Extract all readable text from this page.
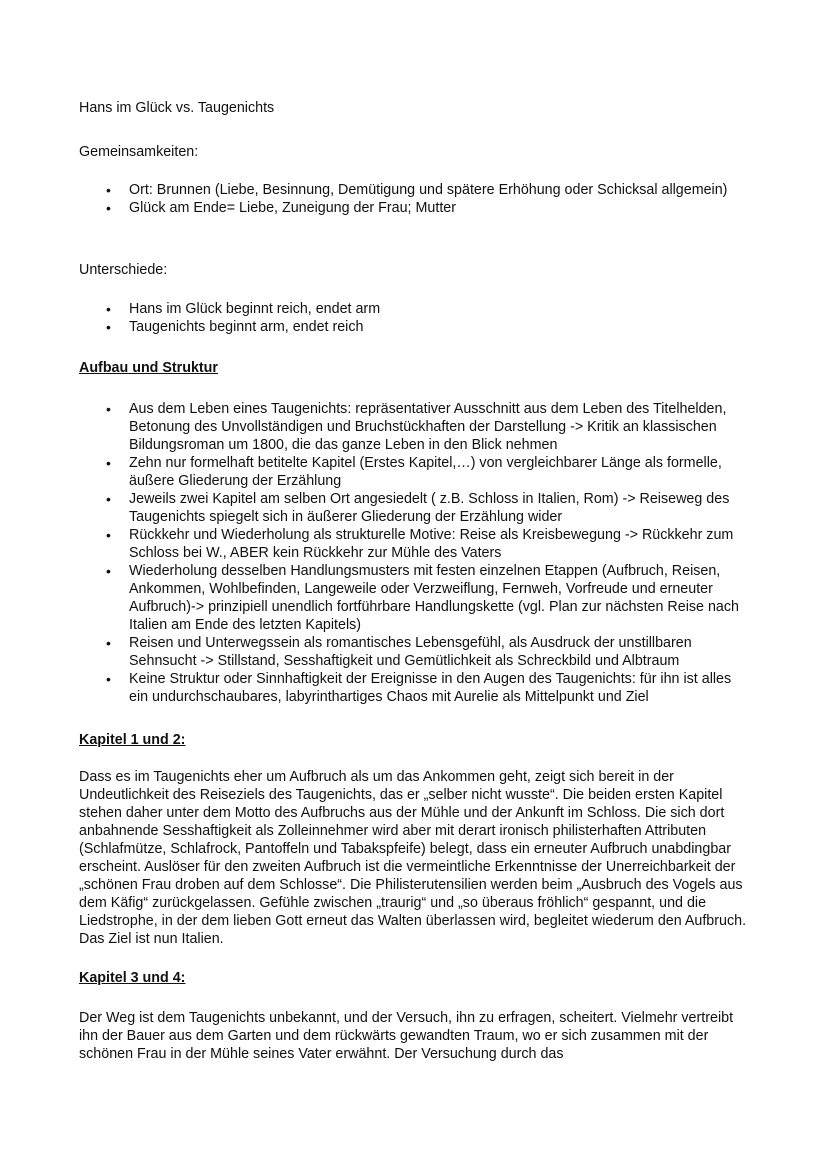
Hans im Glück vs. Taugenichts

Gemeinsamkeiten:

• Ort: Brunnen (Liebe, Besinnung, Demütigung und spätere Erhöhung oder Schicksal allgemein)
• Glück am Ende= Liebe, Zuneigung der Frau; Mutter

Unterschiede:

• Hans im Glück beginnt reich, endet arm
• Taugenichts beginnt arm, endet reich

Aufbau und Struktur

• Aus dem Leben eines Taugenichts: repräsentativer Ausschnitt aus dem Leben des Titelhelden, Betonung des Unvollständigen und Bruchstückhaften der Darstellung -> Kritik an klassischen Bildungsroman um 1800, die das ganze Leben in den Blick nehmen
• Zehn nur formelhaft betitelte Kapitel (Erstes Kapitel,…) von vergleichbarer Länge als formelle, äußere Gliederung der Erzählung
• Jeweils zwei Kapitel am selben Ort angesiedelt ( z.B. Schloss in Italien, Rom) -> Reiseweg des Taugenichts spiegelt sich in äußerer Gliederung der Erzählung wider
• Rückkehr und Wiederholung als strukturelle Motive: Reise als Kreisbewegung -> Rückkehr zum Schloss bei W., ABER kein Rückkehr zur Mühle des Vaters
• Wiederholung desselben Handlungsmusters mit festen einzelnen Etappen (Aufbruch, Reisen, Ankommen, Wohlbefinden, Langeweile oder Verzweiflung, Fernweh, Vorfreude und erneuter Aufbruch)-> prinzipiell unendlich fortführbare Handlungskette (vgl. Plan zur nächsten Reise nach Italien am Ende des letzten Kapitels)
• Reisen und Unterwegssein als romantisches Lebensgefühl, als Ausdruck der unstillbaren Sehnsucht -> Stillstand, Sesshaftigkeit und Gemütlichkeit als Schreckbild und Albtraum
• Keine Struktur oder Sinnhaftigkeit der Ereignisse in den Augen des Taugenichts: für ihn ist alles ein undurchschaubares, labyrinthartiges Chaos mit Aurelie als Mittelpunkt und Ziel

Kapitel 1 und 2:

Dass es im Taugenichts eher um Aufbruch als um das Ankommen geht, zeigt sich bereit in der Undeutlichkeit des Reiseziels des Taugenichts, das er „selber nicht wusste“. Die beiden ersten Kapitel stehen daher unter dem Motto des Aufbruchs aus der Mühle und der Ankunft im Schloss. Die sich dort anbahnende Sesshaftigkeit als Zolleinnehmer wird aber mit derart ironisch philisterhaften Attributen (Schlafmütze, Schlafrock, Pantoffeln und Tabakspfeife) belegt, dass ein erneuter Aufbruch unabdingbar erscheint. Auslöser für den zweiten Aufbruch ist die vermeintliche Erkenntnisse der Unerreichbarkeit der „schönen Frau droben auf dem Schlosse“. Die Philisterutensilien werden beim „Ausbruch des Vogels aus dem Käfig“ zurückgelassen. Gefühle zwischen „traurig“ und „so überaus fröhlich“ gespannt, und die Liedstrophe, in der dem lieben Gott erneut das Walten überlassen wird, begleitet wiederum den Aufbruch. Das Ziel ist nun Italien.

Kapitel 3 und 4:

Der Weg ist dem Taugenichts unbekannt, und der Versuch, ihn zu erfragen, scheitert. Vielmehr vertreibt ihn der Bauer aus dem Garten und dem rückwärts gewandten Traum, wo er sich zusammen mit der schönen Frau in der Mühle seines Vater erwähnt. Der Versuchung durch das
